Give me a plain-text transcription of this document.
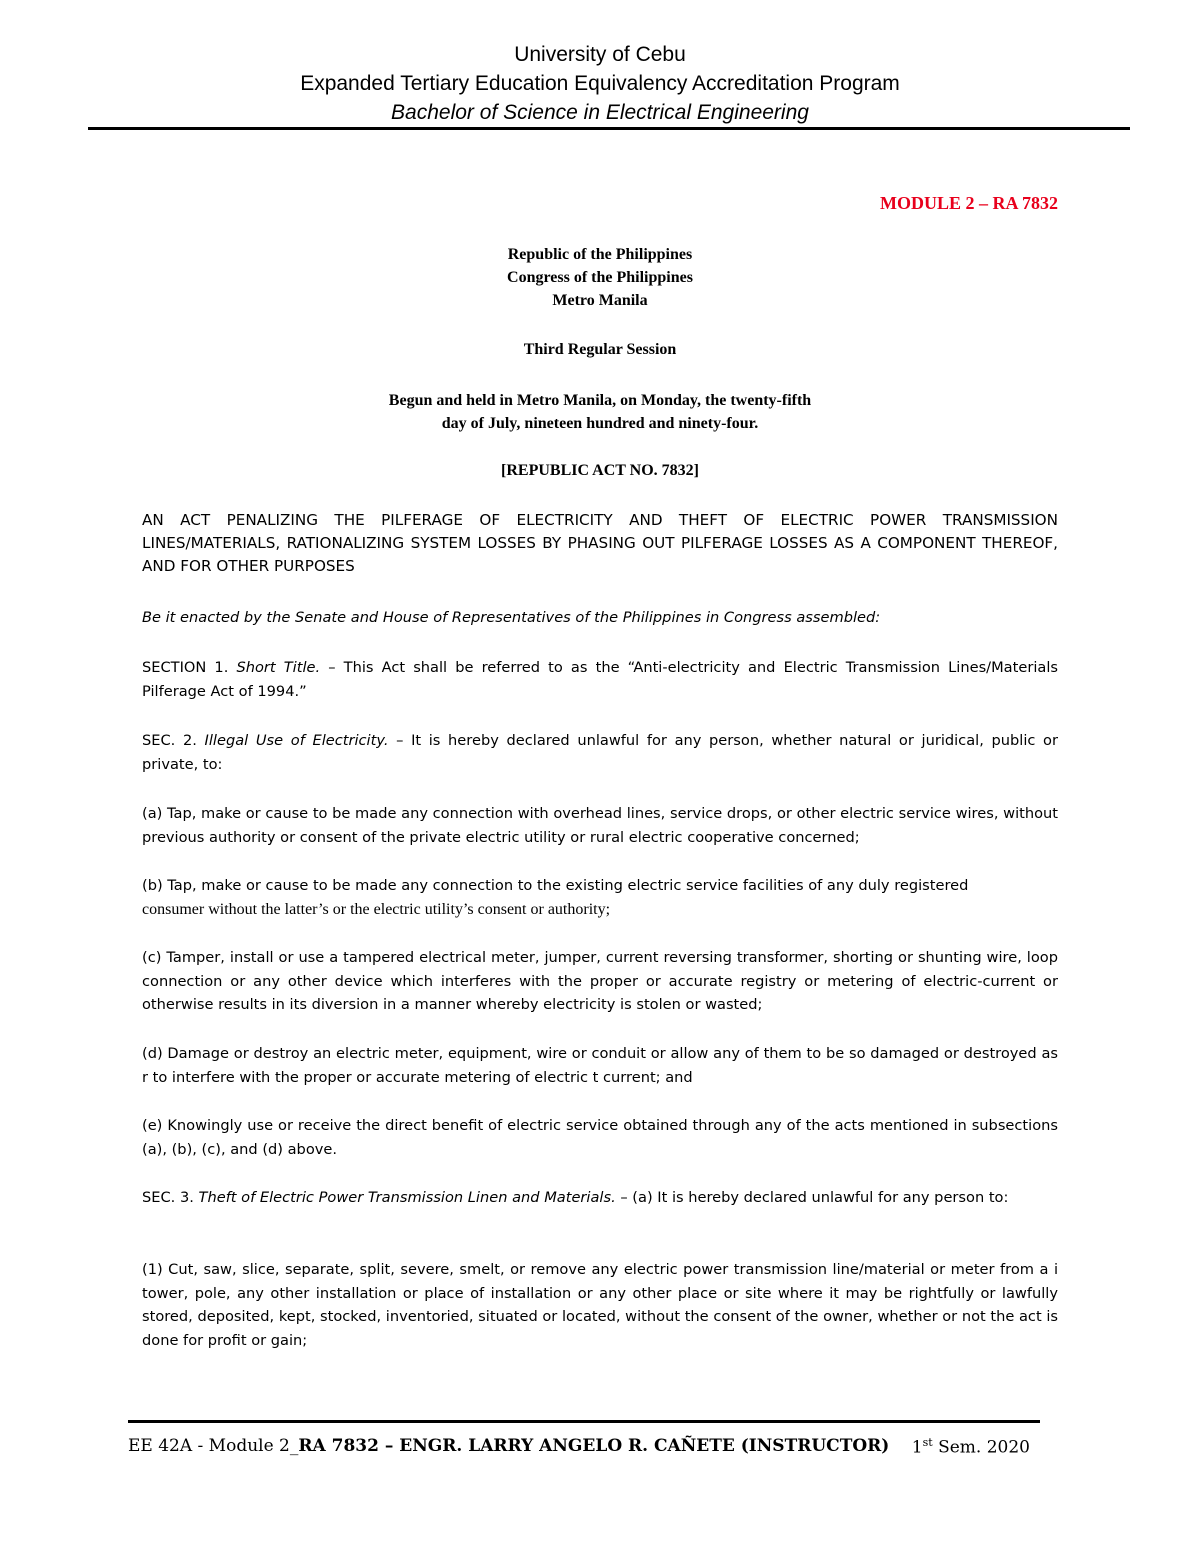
University of Cebu
Expanded Tertiary Education Equivalency Accreditation Program
Bachelor of Science in Electrical Engineering
MODULE 2 – RA 7832
Republic of the Philippines
Congress of the Philippines
Metro Manila
Third Regular Session
Begun and held in Metro Manila, on Monday, the twenty-fifth
day of July, nineteen hundred and ninety-four.
[REPUBLIC ACT NO. 7832]
AN ACT PENALIZING THE PILFERAGE OF ELECTRICITY AND THEFT OF ELECTRIC POWER TRANSMISSION LINES/MATERIALS, RATIONALIZING SYSTEM LOSSES BY PHASING OUT PILFERAGE LOSSES AS A COMPONENT THEREOF, AND FOR OTHER PURPOSES
Be it enacted by the Senate and House of Representatives of the Philippines in Congress assembled:
SECTION 1. Short Title. – This Act shall be referred to as the “Anti-electricity and Electric Transmission Lines/Materials Pilferage Act of 1994.”
SEC. 2. Illegal Use of Electricity. – It is hereby declared unlawful for any person, whether natural or juridical, public or private, to:
(a) Tap, make or cause to be made any connection with overhead lines, service drops, or other electric service wires, without previous authority or consent of the private electric utility or rural electric cooperative concerned;
(b) Tap, make or cause to be made any connection to the existing electric service facilities of any duly registered
consumer without the latter’s or the electric utility’s consent or authority;
(c) Tamper, install or use a tampered electrical meter, jumper, current reversing transformer, shorting or shunting wire, loop connection or any other device which interferes with the proper or accurate registry or metering of electric-current or otherwise results in its diversion in a manner whereby electricity is stolen or wasted;
(d) Damage or destroy an electric meter, equipment, wire or conduit or allow any of them to be so damaged or destroyed as r to interfere with the proper or accurate metering of electric t current; and
(e) Knowingly use or receive the direct benefit of electric service obtained through any of the acts mentioned in subsections (a), (b), (c), and (d) above.
SEC. 3. Theft of Electric Power Transmission Linen and Materials. – (a) It is hereby declared unlawful for any person to:
(1) Cut, saw, slice, separate, split, severe, smelt, or remove any electric power transmission line/material or meter from a i tower, pole, any other installation or place of installation or any other place or site where it may be rightfully or lawfully stored, deposited, kept, stocked, inventoried, situated or located, without the consent of the owner, whether or not the act is done for profit or gain;
EE 42A - Module 2_RA 7832 – ENGR. LARRY ANGELO R. CAÑETE (INSTRUCTOR) 1st Sem. 2020
